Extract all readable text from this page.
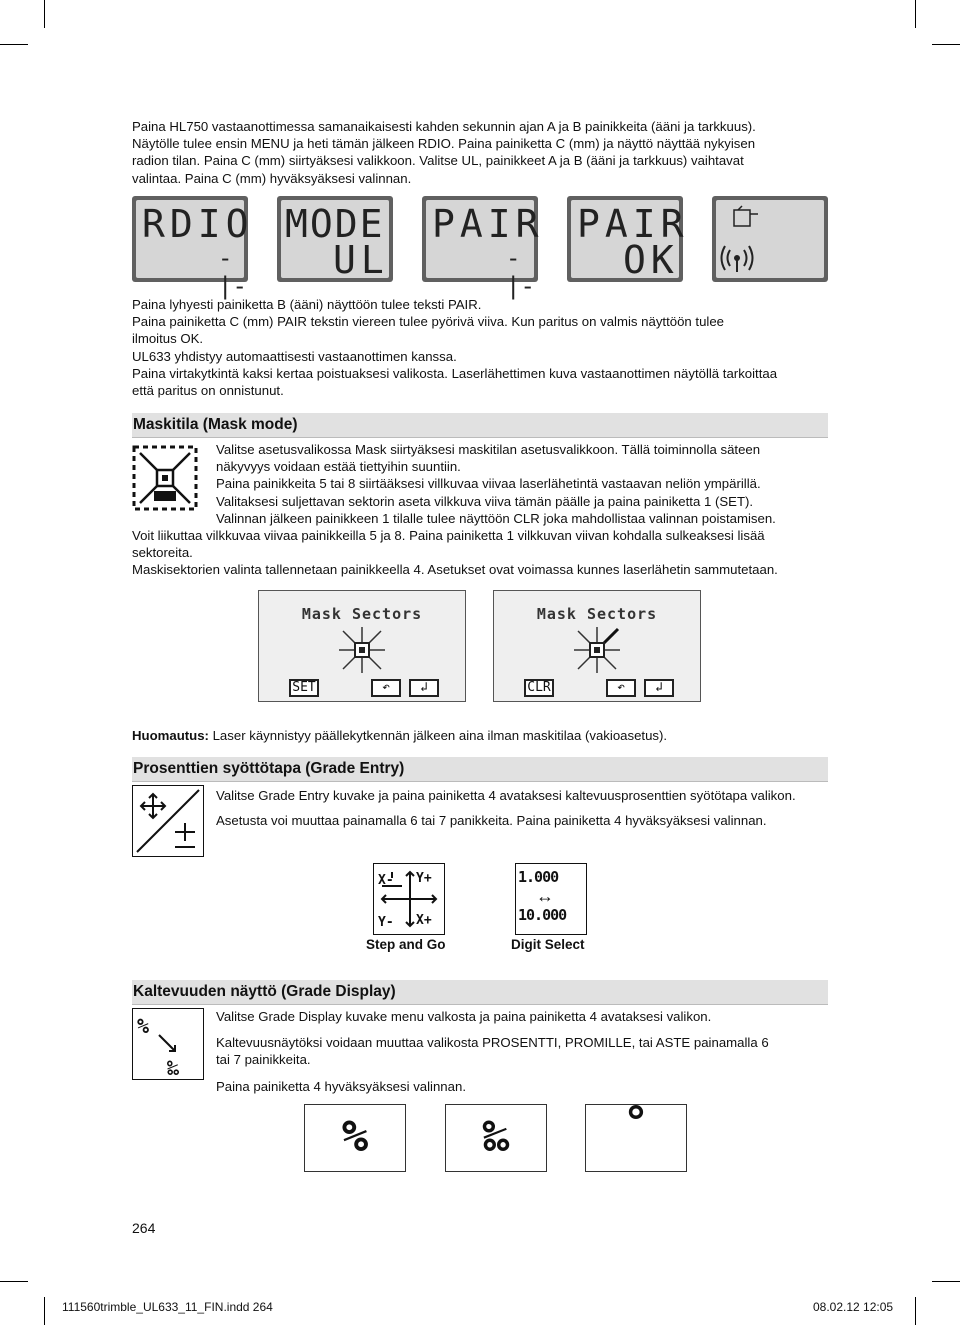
Paina HL750 vastaanottimessa samanaikaisesti kahden sekunnin ajan A ja B painikkeita (ääni ja tarkkuus).
Näytölle tulee ensin MENU ja heti tämän jälkeen RDIO. Paina painiketta C (mm) ja näyttö näyttää nykyisen
radion tilan. Paina C (mm) siirtyäksesi valikkoon. Valitse UL, painikkeet A ja B (ääni ja tarkkuus) vaihtavat
valintaa. Paina C (mm) hyväksyäksesi valinnan.
RDIO
-|-
MODE
UL
PAIR
-|-
PAIR
OK
Paina lyhyesti painiketta B (ääni) näyttöön tulee teksti PAIR.
Paina painiketta C (mm) PAIR tekstin viereen tulee pyörivä viiva. Kun paritus on valmis näyttöön tulee
ilmoitus OK.
UL633 yhdistyy automaattisesti vastaanottimen kanssa.
Paina virtakytkintä kaksi kertaa poistuaksesi valikosta. Laserlähettimen kuva vastaanottimen näytöllä tarkoittaa
että paritus on onnistunut.
Maskitila (Mask mode)
Valitse asetusvalikossa Mask siirtyäksesi maskitilan asetusvalikkoon. Tällä toiminnolla säteen
näkyvyys voidaan estää tiettyihin suuntiin.
Paina painikkeita 5 tai 8 siirtääksesi villkuvaa viivaa laserlähetintä vastaavan neliön ympärillä.
Valitaksesi suljettavan sektorin aseta vilkkuva viiva tämän päälle ja paina painiketta 1 (SET).
Valinnan jälkeen painikkeen 1 tilalle tulee näyttöön CLR joka mahdollistaa valinnan poistamisen.
Voit liikuttaa vilkkuvaa viivaa painikkeilla 5 ja 8. Paina painiketta 1 vilkkuvan viivan kohdalla sulkeaksesi lisää
sektoreita.
Maskisektorien valinta tallennetaan painikkeella 4. Asetukset ovat voimassa kunnes laserlähetin sammutetaan.
Mask Sectors
SET	↶	↲
Mask Sectors
CLR	↶	↲
Huomautus: Laser käynnistyy päällekytkennän jälkeen aina ilman maskitilaa (vakioasetus).
Prosenttien syöttötapa (Grade Entry)
Valitse Grade Entry kuvake ja paina painiketta 4 avataksesi kaltevuusprosenttien syötötapa valikon.
Asetusta voi muuttaa painamalla 6 tai 7 panikkeita. Paina painiketta 4 hyväksyäksesi valinnan.
X- Y+
Y- X+
1.000
↔
10.000
Step and Go	Digit Select
Kaltevuuden näyttö (Grade Display)
%
‰
Valitse Grade Display kuvake menu valkosta ja paina painiketta 4 avataksesi valikon.
Kaltevuusnäytöksi voidaan muuttaa valikosta PROSENTTI, PROMILLE, tai ASTE painamalla 6
tai 7 painikkeita.
Paina painiketta 4 hyväksyäksesi valinnan.
%	‰	°
264
111560trimble_UL633_11_FIN.indd 264	08.02.12 12:05
